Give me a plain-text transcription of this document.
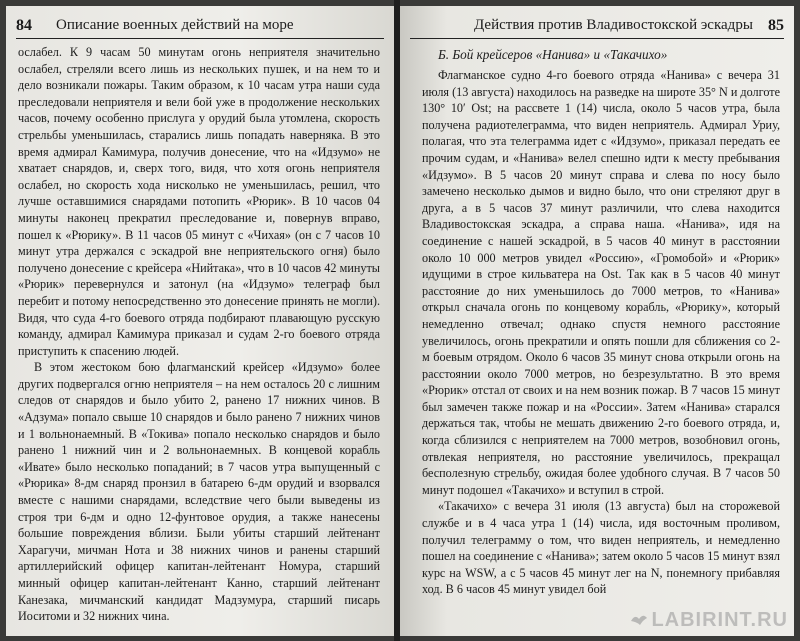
84 Описание военных действий на море

ослабел. К 9 часам 50 минутам огонь неприятеля значительно ослабел, стреляли всего лишь из нескольких пушек, и на нем то и дело возникали пожары. Таким образом, к 10 часам утра наши суда преследовали неприятеля и вели бой уже в продолжение нескольких часов, почему особенно прислуга у орудий была утомлена, скорость стрельбы уменьшилась, старались лишь попадать наверняка. В это время адмирал Камимура, получив донесение, что на «Идзумо» не хватает снарядов, и, сверх того, видя, что хотя огонь неприятеля ослабел, но скорость хода нисколько не уменьшилась, решил, что лучше оставшимися снарядами потопить «Рюрик». В 10 часов 04 минуты наконец прекратил преследование и, повернув вправо, пошел к «Рюрику». В 11 часов 05 минут с «Чихая» (он с 7 часов 10 минут утра держался с эскадрой вне неприятельского огня) было получено донесение с крейсера «Нийтака», что в 10 часов 42 минуты «Рюрик» перевернулся и затонул (на «Идзумо» телеграф был перебит и потому непосредственно это донесение принять не могли). Видя, что суда 4-го боевого отряда подбирают плавающую русскую команду, адмирал Камимура приказал и судам 2-го боевого отряда приступить к спасению людей.

В этом жестоком бою флагманский крейсер «Идзумо» более других подвергался огню неприятеля – на нем осталось 20 с лишним следов от снарядов и было убито 2, ранено 17 нижних чинов. В «Адзума» попало свыше 10 снарядов и было ранено 7 нижних чинов и 1 вольнонаемный. В «Токива» попало несколько снарядов и было ранено 1 нижний чин и 2 вольнонаемных. В концевой корабль «Ивате» было несколько попаданий; в 7 часов утра выпущенный с «Рюрика» 8-дм снаряд пронзил в батарею 6-дм орудий и взорвался вместе с нашими снарядами, вследствие чего были выведены из строя три 6-дм и одно 12-фунтовое орудия, а также нанесены большие повреждения вблизи. Были убиты старший лейтенант Харагучи, мичман Нота и 38 нижних чинов и ранены старший артиллерийский офицер капитан-лейтенант Номура, старший минный офицер капитан-лейтенант Канно, старший лейтенант Канезака, мичманский кандидат Мадзумура, старший писарь Иоситоми и 32 нижних чина.

Действия против Владивостокской эскадры 85
Б. Бой крейсеров «Нанива» и «Такачихо»

Флагманское судно 4-го боевого отряда «Нанива» с вечера 31 июля (13 августа) находилось на разведке на широте 35° N и долготе 130° 10′ Ost; на рассвете 1 (14) числа, около 5 часов утра, была получена радиотелеграмма, что виден неприятель. Адмирал Уриу, полагая, что эта телеграмма идет с «Идзумо», приказал передать ее прочим судам, и «Нанива» велел спешно идти к месту пребывания «Идзумо». В 5 часов 20 минут справа и слева по носу было замечено несколько дымов и видно было, что они стреляют друг в друга, а в 5 часов 37 минут различили, что слева находится Владивостокская эскадра, а справа наша. «Нанива», идя на соединение с нашей эскадрой, в 5 часов 40 минут в расстоянии около 10 000 метров увидел «Россию», «Громобой» и «Рюрик» идущими в строе кильватера на Ost. Так как в 5 часов 40 минут расстояние до них уменьшилось до 7000 метров, то «Нанива» открыл сначала огонь по концевому корабль, «Рюрику», который немедленно отвечал; однако спустя немного расстояние увеличилось, огонь прекратили и опять пошли для сближения со 2-м боевым отрядом. Около 6 часов 35 минут снова открыли огонь на расстоянии около 7000 метров, но безрезультатно. В это время «Рюрик» отстал от своих и на нем возник пожар. В 7 часов 15 минут был замечен также пожар и на «России». Затем «Нанива» старался держаться так, чтобы не мешать движению 2-го боевого отряда, и, когда сблизился с неприятелем на 7000 метров, возобновил огонь, отвлекая неприятеля, но расстояние увеличилось, прекращал бесполезную стрельбу, ожидая более удобного случая. В 7 часов 50 минут подошел «Такачихо» и вступил в строй.

«Такачихо» с вечера 31 июля (13 августа) был на сторожевой службе и в 4 часа утра 1 (14) числа, идя восточным проливом, получил телеграмму о том, что виден неприятель, и немедленно пошел на соединение с «Нанива»; затем около 5 часов 15 минут взял курс на WSW, а с 5 часов 45 минут лег на N, понемногу прибавляя ход. В 6 часов 45 минут увидел бой

LABIRINT.RU
